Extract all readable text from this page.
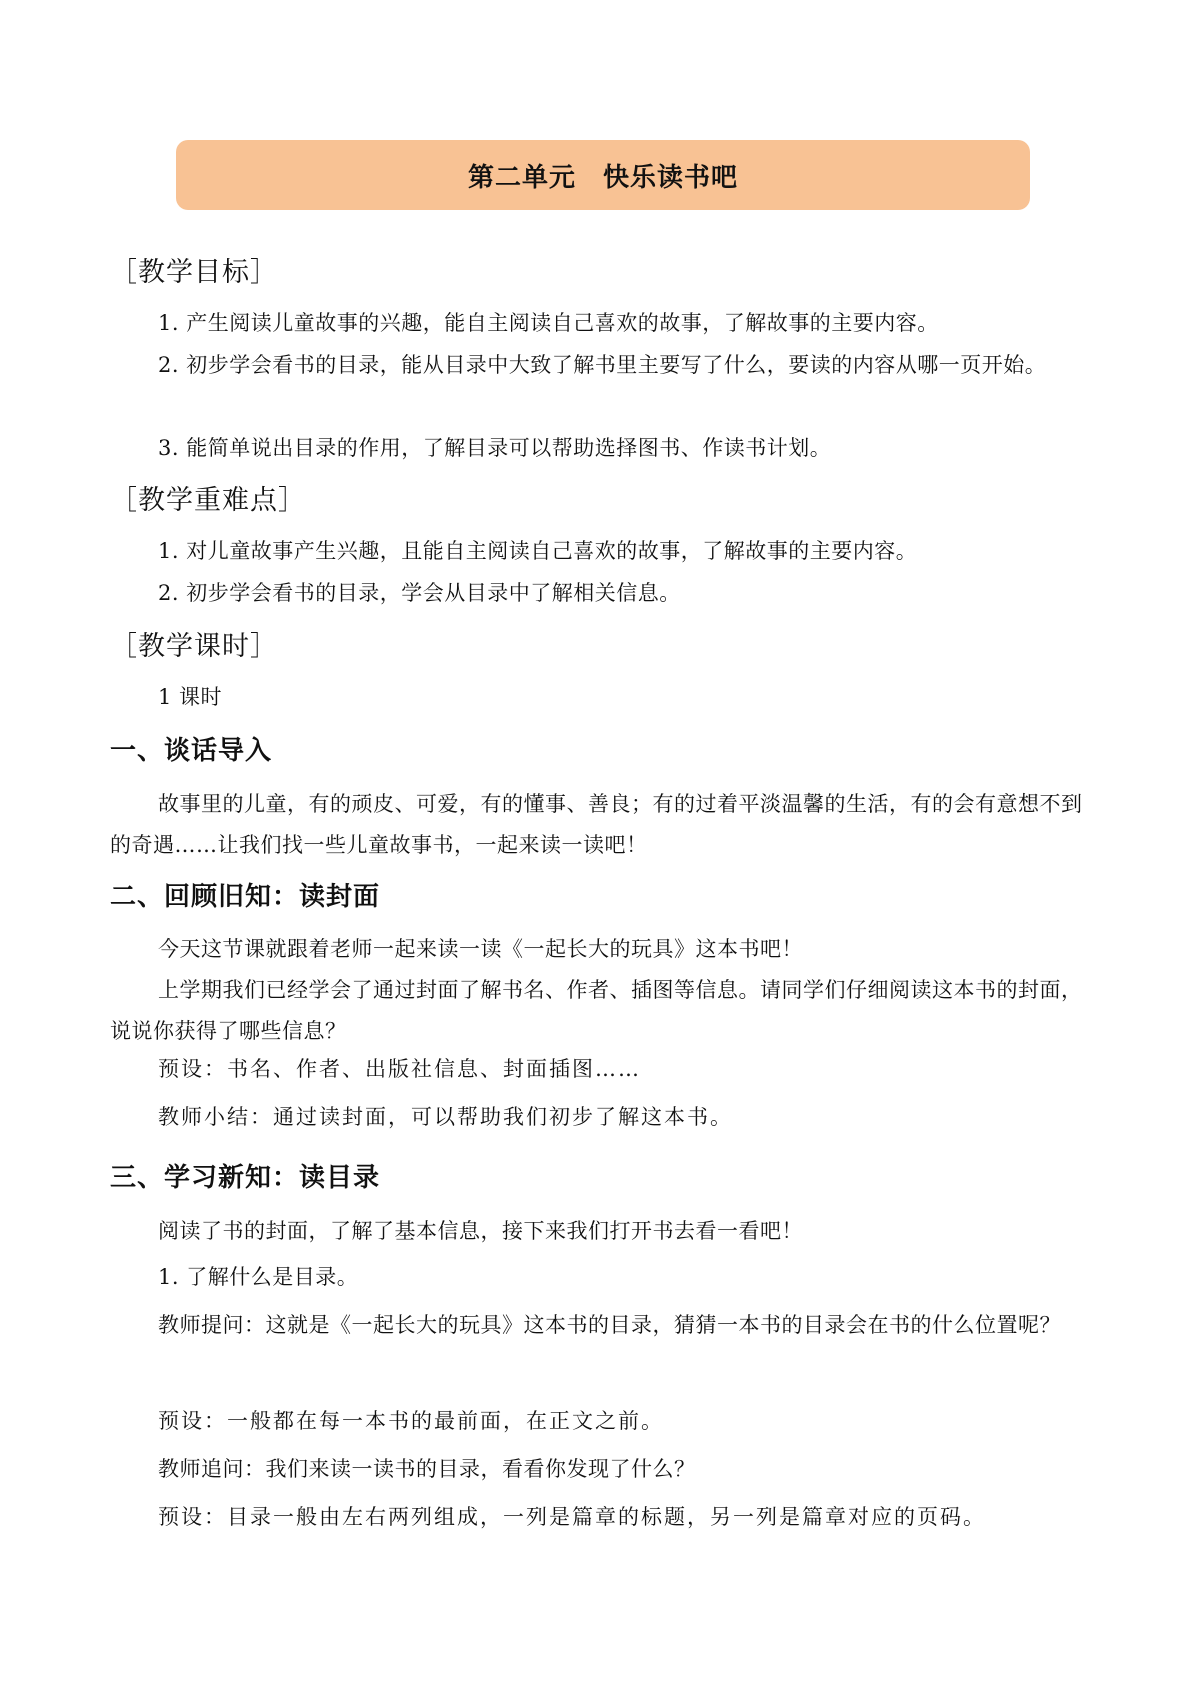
第二单元　快乐读书吧
［教学目标］
1. 产生阅读儿童故事的兴趣，能自主阅读自己喜欢的故事，了解故事的主要内容。
2. 初步学会看书的目录，能从目录中大致了解书里主要写了什么，要读的内容从哪一页开始。
3. 能简单说出目录的作用，了解目录可以帮助选择图书、作读书计划。
［教学重难点］
1. 对儿童故事产生兴趣，且能自主阅读自己喜欢的故事，了解故事的主要内容。
2. 初步学会看书的目录，学会从目录中了解相关信息。
［教学课时］
1 课时
一、谈话导入
故事里的儿童，有的顽皮、可爱，有的懂事、善良；有的过着平淡温馨的生活，有的会有意想不到的奇遇……让我们找一些儿童故事书，一起来读一读吧！
二、回顾旧知：读封面
今天这节课就跟着老师一起来读一读《一起长大的玩具》这本书吧！
上学期我们已经学会了通过封面了解书名、作者、插图等信息。请同学们仔细阅读这本书的封面，说说你获得了哪些信息？
预设：书名、作者、出版社信息、封面插图……
教师小结：通过读封面，可以帮助我们初步了解这本书。
三、学习新知：读目录
阅读了书的封面，了解了基本信息，接下来我们打开书去看一看吧！
1. 了解什么是目录。
教师提问：这就是《一起长大的玩具》这本书的目录，猜猜一本书的目录会在书的什么位置呢？
预设：一般都在每一本书的最前面，在正文之前。
教师追问：我们来读一读书的目录，看看你发现了什么？
预设：目录一般由左右两列组成，一列是篇章的标题，另一列是篇章对应的页码。
